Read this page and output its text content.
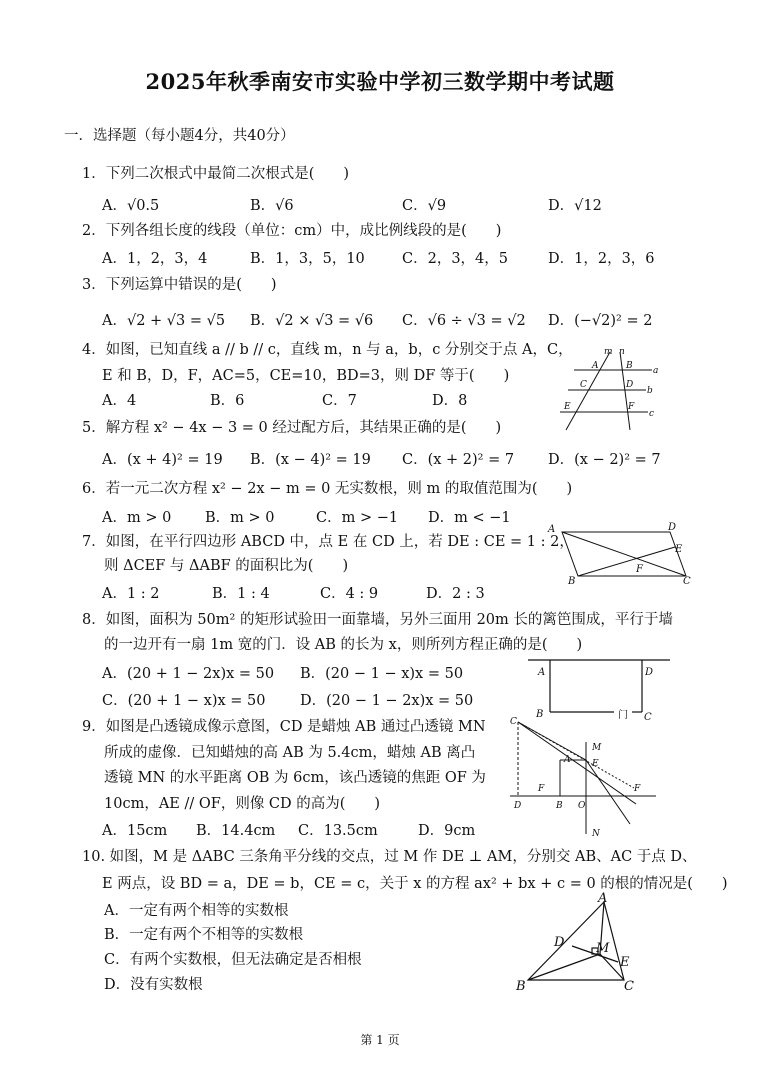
2025年秋季南安市实验中学初三数学期中考试题
一．选择题（每小题4分，共40分）
1．下列二次根式中最简二次根式是(　　)
A．√0.5	B．√6	C．√9	D．√12
2．下列各组长度的线段（单位：cm）中，成比例线段的是(　　)
A．1，2，3，4	B．1，3，5，10	C．2，3，4，5	D．1，2，3，6
3．下列运算中错误的是(　　)
A．√2 + √3 = √5 B．√2 × √3 = √6 C．√6 ÷ √3 = √2 D．(−√2)² = 2
4．如图，已知直线 a // b // c，直线 m，n 与 a，b，c 分别交于点 A，C，
E 和 B，D，F，AC=5，CE=10，BD=3，则 DF 等于(　　)
A．4	B．6	C．7	D．8
m n
A	B
C	D
E	F
a
b
c
5．解方程 x² − 4x − 3 = 0 经过配方后，其结果正确的是(　　)
A．(x + 4)² = 19 B．(x − 4)² = 19 C．(x + 2)² = 7 D．(x − 2)² = 7
6．若一元二次方程 x² − 2x − m = 0 无实数根，则 m 的取值范围为(　　)
A．m > 0 B．m > 0	C．m > −1 D．m < −1
7．如图，在平行四边形 ABCD 中，点 E 在 CD 上，若 DE : CE = 1 : 2，
则 ΔCEF 与 ΔABF 的面积比为(　　)
A．1 : 2	B．1 : 4	C．4 : 9	D．2 : 3
A	D
E
F
B	C
8．如图，面积为 50m² 的矩形试验田一面靠墙，另外三面用 20m 长的篱笆围成，平行于墙
的一边开有一扇 1m 宽的门．设 AB 的长为 x，则所列方程正确的是(　　)
A．(20 + 1 − 2x)x = 50 B．(20 − 1 − x)x = 50
C．(20 + 1 − x)x = 50 D．(20 − 1 − 2x)x = 50
A	D
B	C
门
9．如图是凸透镜成像示意图，CD 是蜡烛 AB 通过凸透镜 MN
所成的虚像．已知蜡烛的高 AB 为 5.4cm，蜡烛 AB 离凸
透镜 MN 的水平距离 OB 为 6cm，该凸透镜的焦距 OF 为
10cm，AE // OF，则像 CD 的高为(　　)
A．15cm B．14.4cm C．13.5cm	D．9cm
C
M
A E
F	F
D	B O
N
10. 如图，M 是 ΔABC 三条角平分线的交点，过 M 作 DE ⊥ AM，分别交 AB、AC 于点 D、
E 两点，设 BD = a，DE = b，CE = c，关于 x 的方程 ax² + bx + c = 0 的根的情况是(　　)
A．一定有两个相等的实数根
B．一定有两个不相等的实数根
C．有两个实数根，但无法确定是否相根
D．没有实数根
A
D M
E
B	C
第 1 页
